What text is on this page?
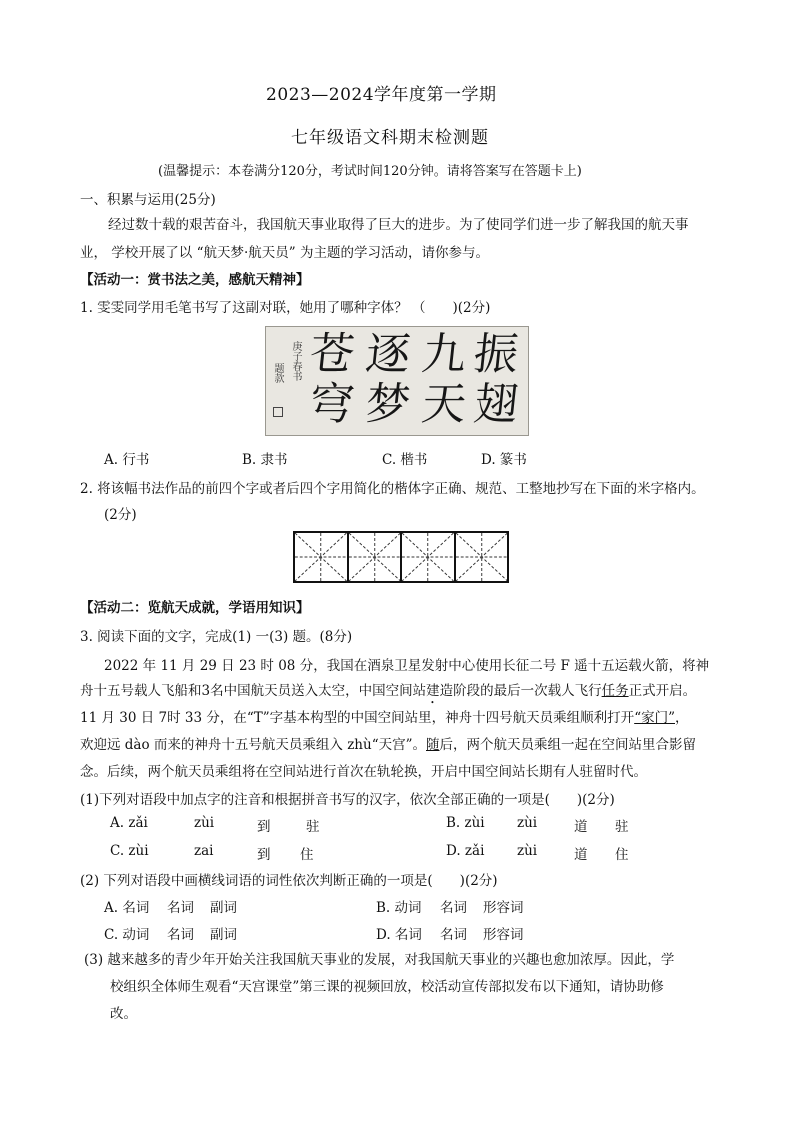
2023—2024学年度第一学期
七年级语文科期末检测题
(温馨提示：本卷满分120分，考试时间120分钟。请将答案写在答题卡上)
一、积累与运用(25分)
经过数十载的艰苦奋斗，我国航天事业取得了巨大的进步。为了使同学们进一步了解我国的航天事
业， 学校开展了以 “航天梦·航天员” 为主题的学习活动，请你参与。
【活动一：赏书法之美，感航天精神】
1. 雯雯同学用毛笔书写了这副对联，她用了哪种字体？ （　　)(2分)
振
翅
九
天
逐
梦
苍
穹
庚子春书
题款
A. 行书	B. 隶书	C. 楷书	D. 篆书
2. 将该幅书法作品的前四个字或者后四个字用简化的楷体字正确、规范、工整地抄写在下面的米字格内。
(2分)
【活动二：览航天成就，学语用知识】
3. 阅读下面的文字，完成(1) 一(3) 题。(8分)
2022 年 11 月 29 日 23 时 08 分，我国在酒泉卫星发射中心使用长征二号 F 遥十五运载火箭，将神
舟十五号载人飞船和3名中国航天员送入太空，中国空间站建造阶段的最后一次载人飞行任务正式开启。
11 月 30 日 7时 33 分，在“T”字基本构型的中国空间站里，神舟十四号航天员乘组顺利打开“家门”，
欢迎远 dào 而来的神舟十五号航天员乘组入 zhù“天宫”。随后，两个航天员乘组一起在空间站里合影留
念。后续，两个航天员乘组将在空间站进行首次在轨轮换，开启中国空间站长期有人驻留时代。
(1)下列对语段中加点字的注音和根据拼音书写的汉字，依次全部正确的一项是(　　)(2分)
A. zǎi	zùi	到	驻	B. zùi zùi	道 驻
C. zùi	zai	到 住	D. zǎi zùi	道 住
(2) 下列对语段中画横线词语的词性依次判断正确的一项是(　　)(2分)
A. 名词 名词 副词	B. 动词 名词 形容词
C. 动词 名词 副词	D. 名词 名词 形容词
(3) 越来越多的青少年开始关注我国航天事业的发展，对我国航天事业的兴趣也愈加浓厚。因此，学
校组织全体师生观看“天宫课堂”第三课的视频回放，校活动宣传部拟发布以下通知，请协助修
改。
